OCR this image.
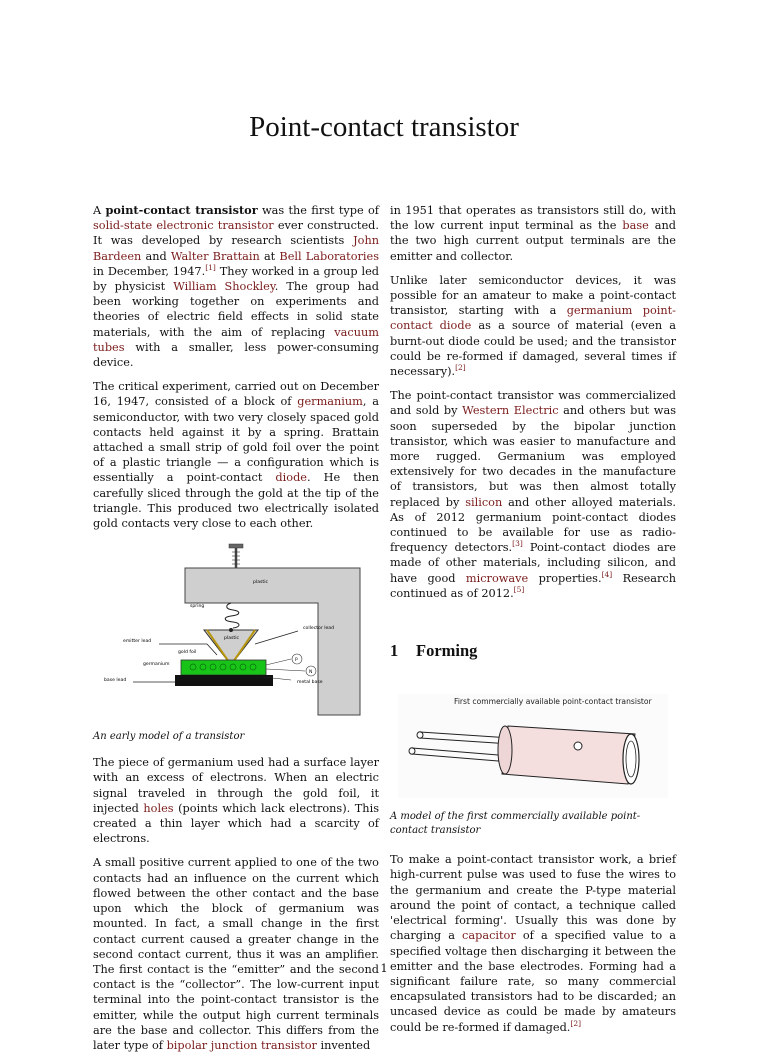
Point-contact transistor

A point-contact transistor was the first type of solid-state electronic transistor ever constructed. It was developed by research scientists John Bardeen and Walter Brattain at Bell Laboratories in December, 1947.[1] They worked in a group led by physicist William Shockley. The group had been working together on experiments and theories of electric field effects in solid state materials, with the aim of replacing vacuum tubes with a smaller, less power-consuming device.

The critical experiment, carried out on December 16, 1947, consisted of a block of germanium, a semiconductor, with two very closely spaced gold contacts held against it by a spring. Brattain attached a small strip of gold foil over the point of a plastic triangle — a configuration which is essentially a point-contact diode. He then carefully sliced through the gold at the tip of the triangle. This produced two electrically isolated gold contacts very close to each other.

plastic
spring
plastic
collector lead
emitter lead
gold foil
germanium
P
N
base lead	metal base
An early model of a transistor

The piece of germanium used had a surface layer with an excess of electrons. When an electric signal traveled in through the gold foil, it injected holes (points which lack electrons). This created a thin layer which had a scarcity of electrons.

A small positive current applied to one of the two contacts had an influence on the current which flowed between the other contact and the base upon which the block of germanium was mounted. In fact, a small change in the first contact current caused a greater change in the second contact current, thus it was an amplifier. The first contact is the “emitter” and the second contact is the “collector”. The low-current input terminal into the point-contact transistor is the emitter, while the output high current terminals are the base and collector. This differs from the later type of bipolar junction transistor invented

in 1951 that operates as transistors still do, with the low current input terminal as the base and the two high current output terminals are the emitter and collector.

Unlike later semiconductor devices, it was possible for an amateur to make a point-contact transistor, starting with a germanium point-contact diode as a source of material (even a burnt-out diode could be used; and the transistor could be re-formed if damaged, several times if necessary).[2]

The point-contact transistor was commercialized and sold by Western Electric and others but was soon superseded by the bipolar junction transistor, which was easier to manufacture and more rugged. Germanium was employed extensively for two decades in the manufacture of transistors, but was then almost totally replaced by silicon and other alloyed materials. As of 2012 germanium point-contact diodes continued to be available for use as radio-frequency detectors.[3] Point-contact diodes are made of other materials, including silicon, and have good microwave properties.[4] Research continued as of 2012.[5]

1 Forming
First commercially available point-contact transistor
A model of the first commercially available point-contact transistor

To make a point-contact transistor work, a brief high-current pulse was used to fuse the wires to the germanium and create the P-type material around the point of contact, a technique called 'electrical forming'. Usually this was done by charging a capacitor of a specified value to a specified voltage then discharging it between the emitter and the base electrodes. Forming had a significant failure rate, so many commercial encapsulated transistors had to be discarded; an uncased device as could be made by amateurs could be re-formed if damaged.[2]

1
